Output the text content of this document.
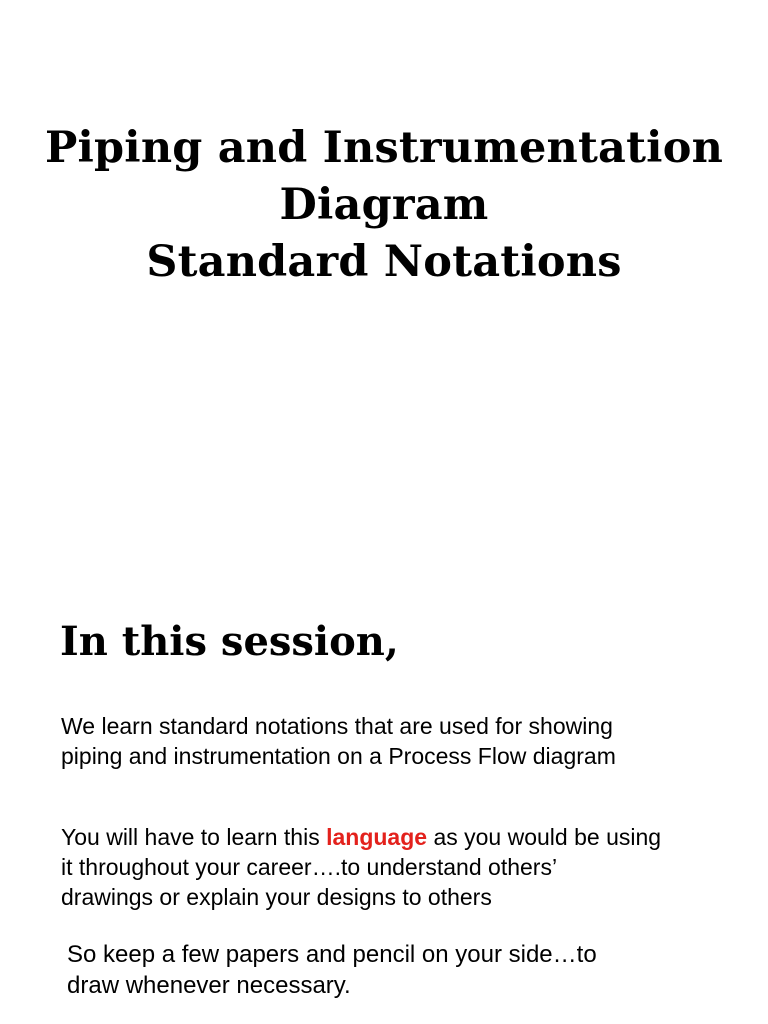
Piping and Instrumentation
Diagram
Standard Notations
In this session,
We learn standard notations that are used for showing
piping and instrumentation on a Process Flow diagram
You will have to learn this language as you would be using
it throughout your career….to understand others’
drawings or explain your designs to others
So keep a few papers and pencil on your side…to
draw whenever necessary.
